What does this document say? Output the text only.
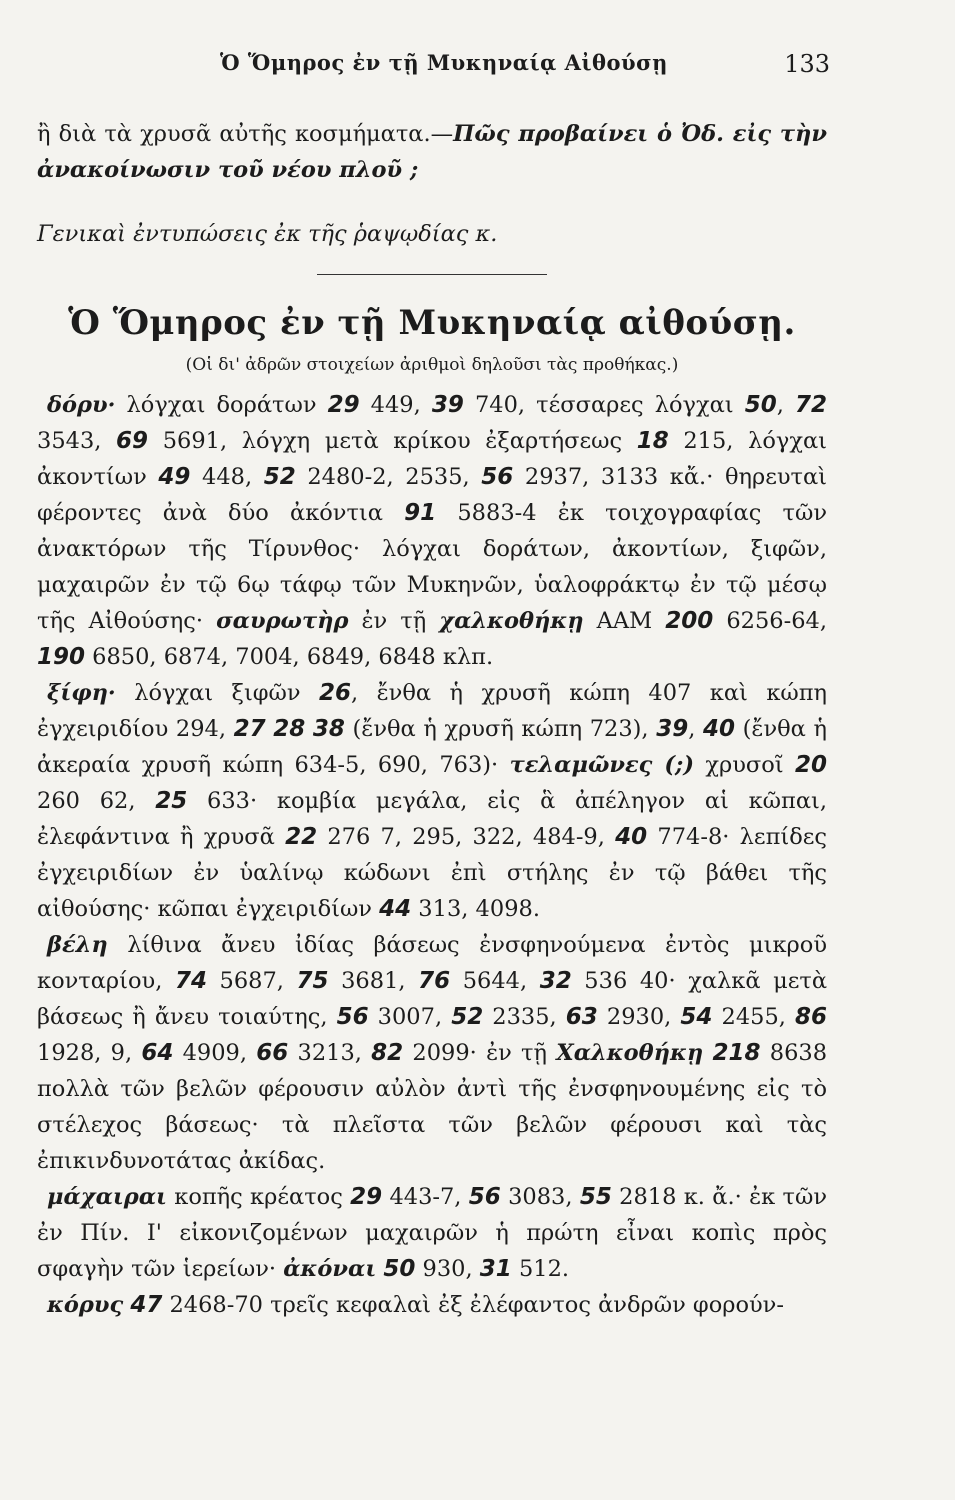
Ὁ Ὅμηρος ἐν τῇ Μυκηναίᾳ Αἰθούσῃ	133

ἢ διὰ τὰ χρυσᾶ αὐτῆς κοσμήματα.—Πῶς προβαίνει ὁ Ὀδ. εἰς τὴν ἀνακοίνωσιν τοῦ νέου πλοῦ ;

Γενικαὶ ἐντυπώσεις ἐκ τῆς ῥαψῳδίας κ.

Ὁ Ὅμηρος ἐν τῇ Μυκηναίᾳ αἰθούσῃ.

(Οἱ δι' ἀδρῶν στοιχείων ἀριθμοὶ δηλοῦσι τὰς προθήκας.)

δόρυ· λόγχαι δοράτων 29 449, 39 740, τέσσαρες λόγχαι 50, 72 3543, 69 5691, λόγχη μετὰ κρίκου ἐξαρτήσεως 18 215, λόγχαι ἀκοντίων 49 448, 52 2480-2, 2535, 56 2937, 3133 κἄ.· θηρευταὶ φέροντες ἀνὰ δύο ἀκόντια 91 5883-4 ἐκ τοιχογραφίας τῶν ἀνακτόρων τῆς Τίρυνθος· λόγχαι δοράτων, ἀκοντίων, ξιφῶν, μαχαιρῶν ἐν τῷ 6ῳ τάφῳ τῶν Μυκηνῶν, ὑαλοφράκτῳ ἐν τῷ μέσῳ τῆς Αἰθούσης· σαυρωτὴρ ἐν τῇ χαλκοθήκῃ ΑΑΜ 200 6256-64, 190 6850, 6874, 7004, 6849, 6848 κλπ.

ξίφη· λόγχαι ξιφῶν 26, ἔνθα ἡ χρυσῆ κώπη 407 καὶ κώπη ἐγχειριδίου 294, 27 28 38 (ἔνθα ἡ χρυσῆ κώπη 723), 39, 40 (ἔνθα ἡ ἀκεραία χρυσῆ κώπη 634-5, 690, 763)· τελαμῶνες (;) χρυσοῖ 20 260 62, 25 633· κομβία μεγάλα, εἰς ἃ ἀπέληγον αἱ κῶπαι, ἐλεφάντινα ἢ χρυσᾶ 22 276 7, 295, 322, 484-9, 40 774-8· λεπίδες ἐγχειριδίων ἐν ὑαλίνῳ κώδωνι ἐπὶ στήλης ἐν τῷ βάθει τῆς αἰθούσης· κῶπαι ἐγχειριδίων 44 313, 4098.

βέλη λίθινα ἄνευ ἰδίας βάσεως ἐνσφηνούμενα ἐντὸς μικροῦ κονταρίου, 74 5687, 75 3681, 76 5644, 32 536 40· χαλκᾶ μετὰ βάσεως ἢ ἄνευ τοιαύτης, 56 3007, 52 2335, 63 2930, 54 2455, 86 1928, 9, 64 4909, 66 3213, 82 2099· ἐν τῇ Χαλκοθήκῃ 218 8638 πολλὰ τῶν βελῶν φέρουσιν αὐλὸν ἀντὶ τῆς ἐνσφηνουμένης εἰς τὸ στέλεχος βάσεως· τὰ πλεῖστα τῶν βελῶν φέρουσι καὶ τὰς ἐπικινδυνοτάτας ἀκίδας.

μάχαιραι κοπῆς κρέατος 29 443-7, 56 3083, 55 2818 κ. ἄ.· ἐκ τῶν ἐν Πίν. Ι' εἰκονιζομένων μαχαιρῶν ἡ πρώτη εἶναι κοπὶς πρὸς σφαγὴν τῶν ἱερείων· ἀκόναι 50 930, 31 512.

κόρυς 47 2468-70 τρεῖς κεφαλαὶ ἐξ ἐλέφαντος ἀνδρῶν φορούν-
